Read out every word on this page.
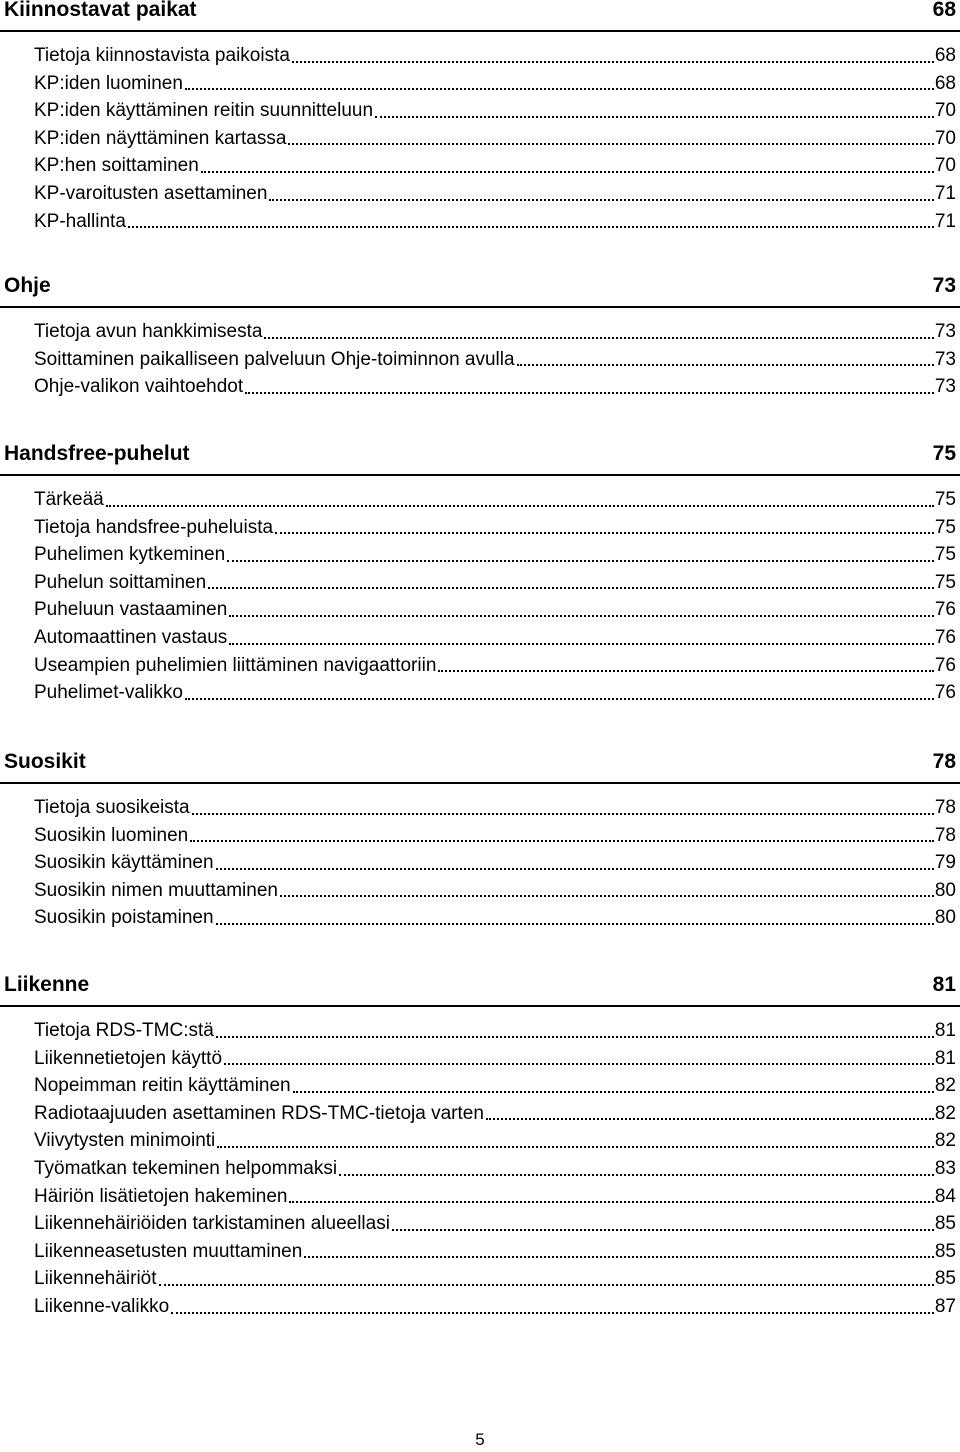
Kiinnostavat paikat	68
Tietoja kiinnostavista paikoista	68
KP:iden luominen	68
KP:iden käyttäminen reitin suunnitteluun	70
KP:iden näyttäminen kartassa	70
KP:hen soittaminen	70
KP-varoitusten asettaminen	71
KP-hallinta	71
Ohje	73
Tietoja avun hankkimisesta	73
Soittaminen paikalliseen palveluun Ohje-toiminnon avulla	73
Ohje-valikon vaihtoehdot	73
Handsfree-puhelut	75
Tärkeää	75
Tietoja handsfree-puheluista	75
Puhelimen kytkeminen	75
Puhelun soittaminen	75
Puheluun vastaaminen	76
Automaattinen vastaus	76
Useampien puhelimien liittäminen navigaattoriin	76
Puhelimet-valikko	76
Suosikit	78
Tietoja suosikeista	78
Suosikin luominen	78
Suosikin käyttäminen	79
Suosikin nimen muuttaminen	80
Suosikin poistaminen	80
Liikenne	81
Tietoja RDS-TMC:stä	81
Liikennetietojen käyttö	81
Nopeimman reitin käyttäminen	82
Radiotaajuuden asettaminen RDS-TMC-tietoja varten	82
Viivytysten minimointi	82
Työmatkan tekeminen helpommaksi	83
Häiriön lisätietojen hakeminen	84
Liikennehäiriöiden tarkistaminen alueellasi	85
Liikenneasetusten muuttaminen	85
Liikennehäiriöt	85
Liikenne-valikko	87
5
